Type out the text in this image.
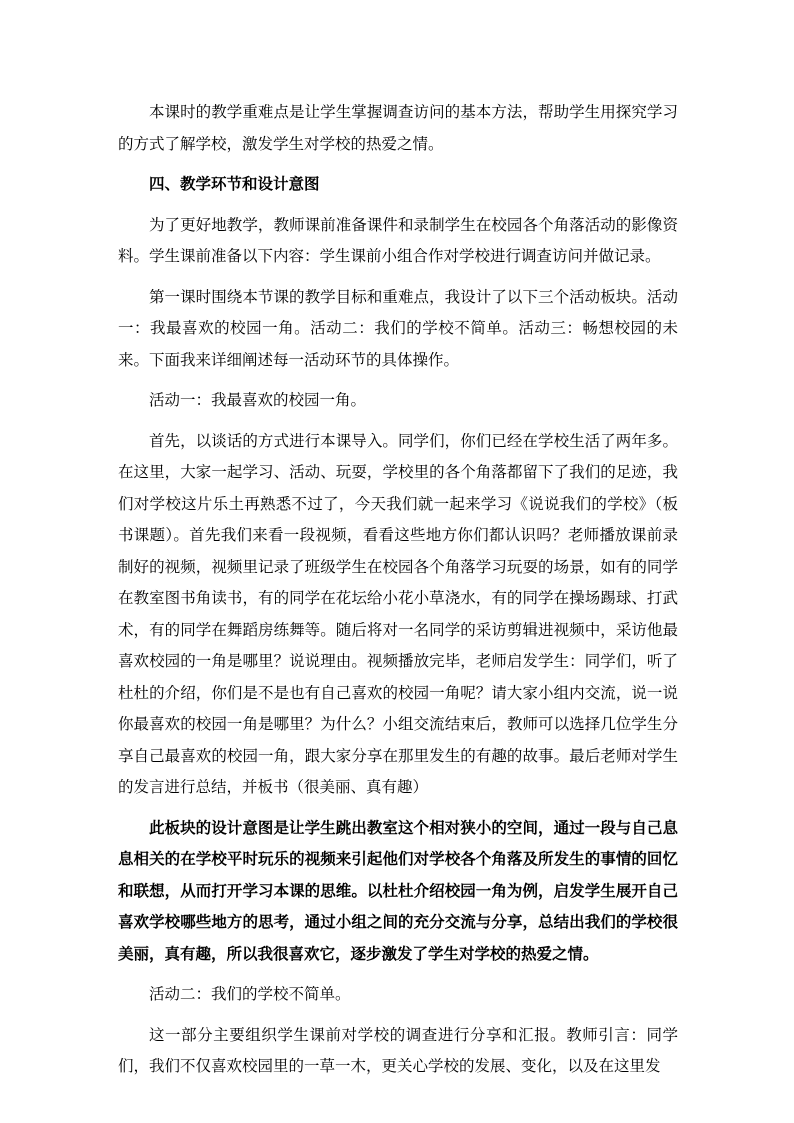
本课时的教学重难点是让学生掌握调查访问的基本方法，帮助学生用探究学习的方式了解学校，激发学生对学校的热爱之情。

四、教学环节和设计意图

为了更好地教学，教师课前准备课件和录制学生在校园各个角落活动的影像资料。学生课前准备以下内容：学生课前小组合作对学校进行调查访问并做记录。

第一课时围绕本节课的教学目标和重难点，我设计了以下三个活动板块。活动一：我最喜欢的校园一角。活动二：我们的学校不简单。活动三：畅想校园的未来。下面我来详细阐述每一活动环节的具体操作。

活动一：我最喜欢的校园一角。

首先，以谈话的方式进行本课导入。同学们，你们已经在学校生活了两年多。在这里，大家一起学习、活动、玩耍，学校里的各个角落都留下了我们的足迹，我们对学校这片乐土再熟悉不过了，今天我们就一起来学习《说说我们的学校》（板书课题）。首先我们来看一段视频，看看这些地方你们都认识吗？老师播放课前录制好的视频，视频里记录了班级学生在校园各个角落学习玩耍的场景，如有的同学在教室图书角读书，有的同学在花坛给小花小草浇水，有的同学在操场踢球、打武术，有的同学在舞蹈房练舞等。随后将对一名同学的采访剪辑进视频中，采访他最喜欢校园的一角是哪里？说说理由。视频播放完毕，老师启发学生：同学们，听了杜杜的介绍，你们是不是也有自己喜欢的校园一角呢？请大家小组内交流，说一说你最喜欢的校园一角是哪里？为什么？小组交流结束后，教师可以选择几位学生分享自己最喜欢的校园一角，跟大家分享在那里发生的有趣的故事。最后老师对学生的发言进行总结，并板书（很美丽、真有趣）

此板块的设计意图是让学生跳出教室这个相对狭小的空间，通过一段与自己息息相关的在学校平时玩乐的视频来引起他们对学校各个角落及所发生的事情的回忆和联想，从而打开学习本课的思维。以杜杜介绍校园一角为例，启发学生展开自己喜欢学校哪些地方的思考，通过小组之间的充分交流与分享，总结出我们的学校很美丽，真有趣，所以我很喜欢它，逐步激发了学生对学校的热爱之情。

活动二：我们的学校不简单。

这一部分主要组织学生课前对学校的调查进行分享和汇报。教师引言：同学们，我们不仅喜欢校园里的一草一木，更关心学校的发展、变化，以及在这里发
